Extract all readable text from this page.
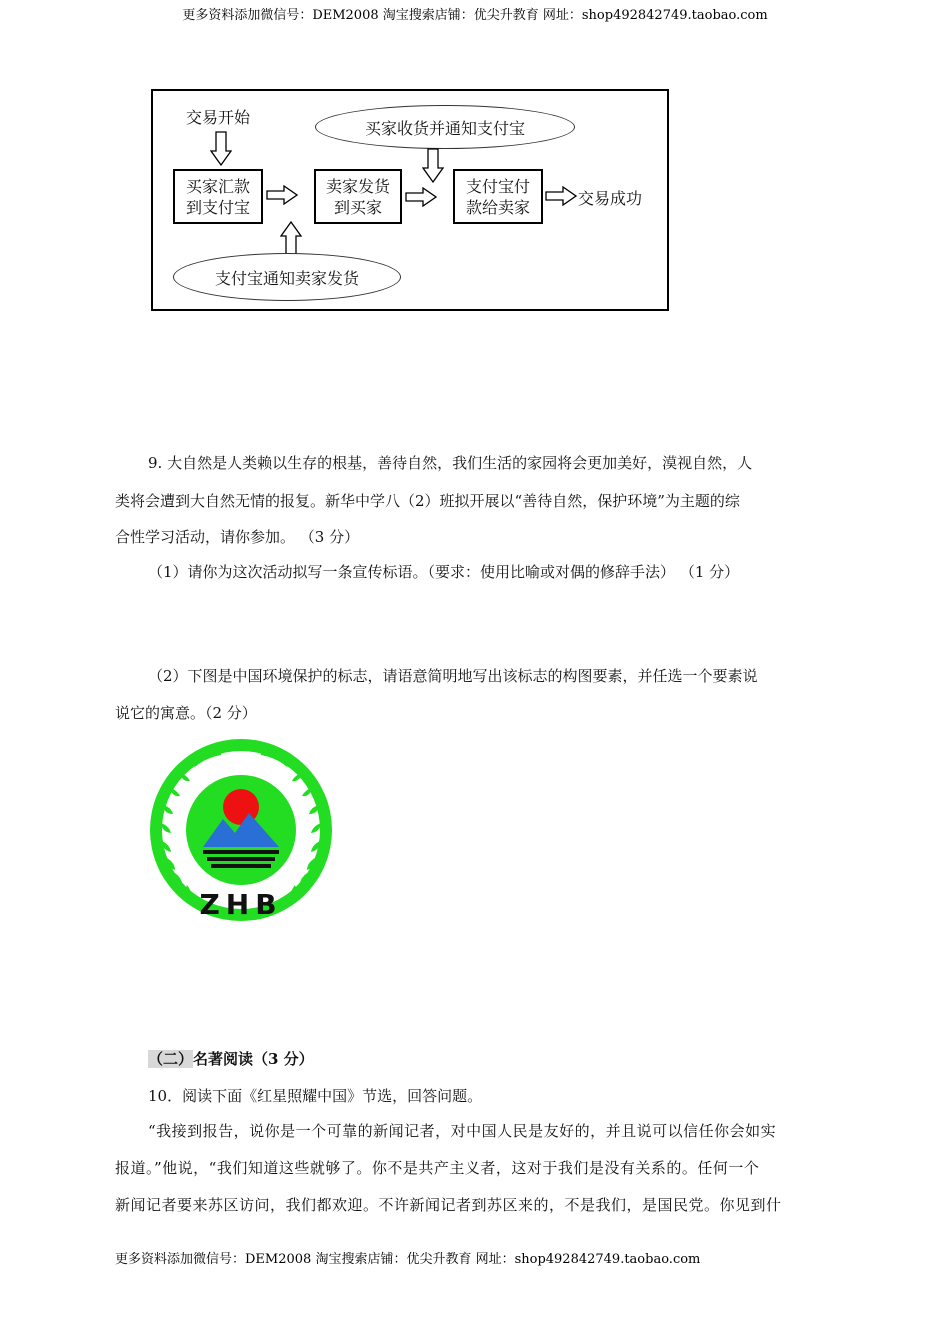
更多资料添加微信号：DEM2008 淘宝搜索店铺：优尖升教育 网址：shop492842749.taobao.com
交易开始
买家收货并通知支付宝
买家汇款
到支付宝
卖家发货
到买家
支付宝付
款给卖家	交易成功
支付宝通知卖家发货
9. 大自然是人类赖以生存的根基，善待自然，我们生活的家园将会更加美好，漠视自然，人
类将会遭到大自然无情的报复。新华中学八（2）班拟开展以“善待自然，保护环境”为主题的综
合性学习活动，请你参加。 （3 分）
（1）请你为这次活动拟写一条宣传标语。（要求：使用比喻或对偶的修辞手法） （1 分）
（2）下图是中国环境保护的标志，请语意简明地写出该标志的构图要素，并任选一个要素说
说它的寓意。（2 分）
ZHB
（二）名著阅读（3 分）
10．阅读下面《红星照耀中国》节选，回答问题。
“我接到报告，说你是一个可靠的新闻记者，对中国人民是友好的，并且说可以信任你会如实
报道。”他说，“我们知道这些就够了。你不是共产主义者，这对于我们是没有关系的。任何一个
新闻记者要来苏区访问，我们都欢迎。不许新闻记者到苏区来的，不是我们，是国民党。你见到什
更多资料添加微信号：DEM2008 淘宝搜索店铺：优尖升教育 网址：shop492842749.taobao.com
